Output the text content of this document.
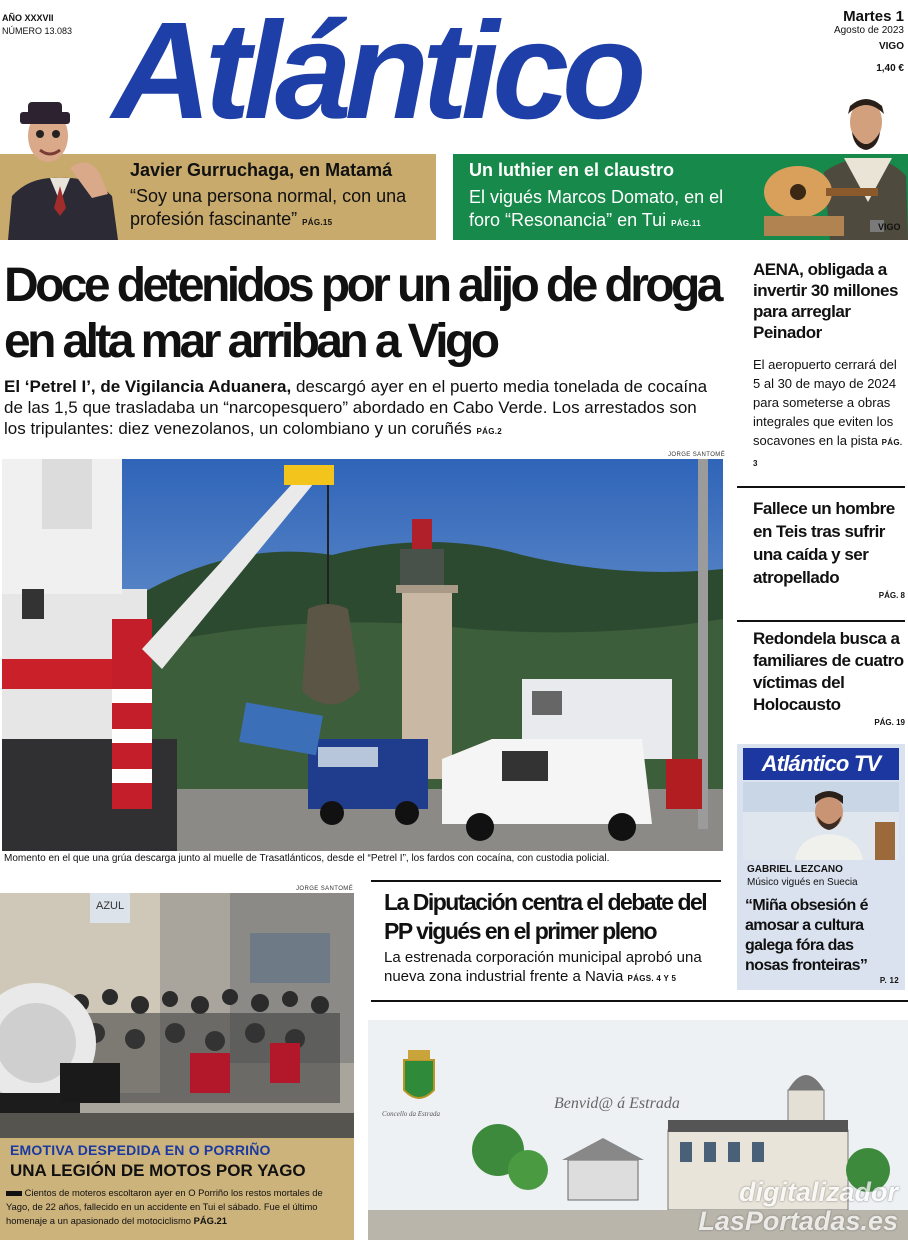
AÑO XXXVII
NÚMERO 13.083 Atlántico	Martes 1
Agosto de 2023
VIGO
1,40 €
Javier Gurruchaga, en Matamá
“Soy una persona normal, con una profesión fascinante” PÁG.15
Un luthier en el claustro
El vigués Marcos Domato, en el foro “Resonancia” en Tui PÁG.11	VIGO
Doce detenidos por un alijo de droga en alta mar arriban a Vigo
El ‘Petrel I’, de Vigilancia Aduanera, descargó ayer en el puerto media tonelada de cocaína de las 1,5 que trasladaba un “narcopesquero” abordado en Cabo Verde. Los arrestados son los tripulantes: diez venezolanos, un colombiano y un coruñés PÁG.2
JORGE SANTOMÉ
Momento en el que una grúa descarga junto al muelle de Trasatlánticos, desde el “Petrel I”, los fardos con cocaína, con custodia policial.
AENA, obligada a invertir 30 millones para arreglar Peinador
El aeropuerto cerrará del 5 al 30 de mayo de 2024 para someterse a obras integrales que eviten los socavones en la pista PÁG. 3
Fallece un hombre en Teis tras sufrir una caída y ser atropellado
PÁG. 8
Redondela busca a familiares de cuatro víctimas del Holocausto
PÁG. 19
Atlántico TV
GABRIEL LEZCANO
Músico vigués en Suecia
“Miña obsesión é amosar a cultura galega fóra das nosas fronteiras”
P. 12
JORGE SANTOMÉ
AZUL
EMOTIVA DESPEDIDA EN O PORRIÑO
UNA LEGIÓN DE MOTOS POR YAGO
Cientos de moteros escoltaron ayer en O Porriño los restos mortales de Yago, de 22 años, fallecido en un accidente en Tui el sábado. Fue el último homenaje a un apasionado del motociclismo PÁG.21
La Diputación centra el debate del PP vigués en el primer pleno
La estrenada corporación municipal aprobó una nueva zona industrial frente a Navia PÁGS. 4 Y 5
Concello da Estrada
Benvid@ á Estrada
digitalizador
LasPortadas.es
